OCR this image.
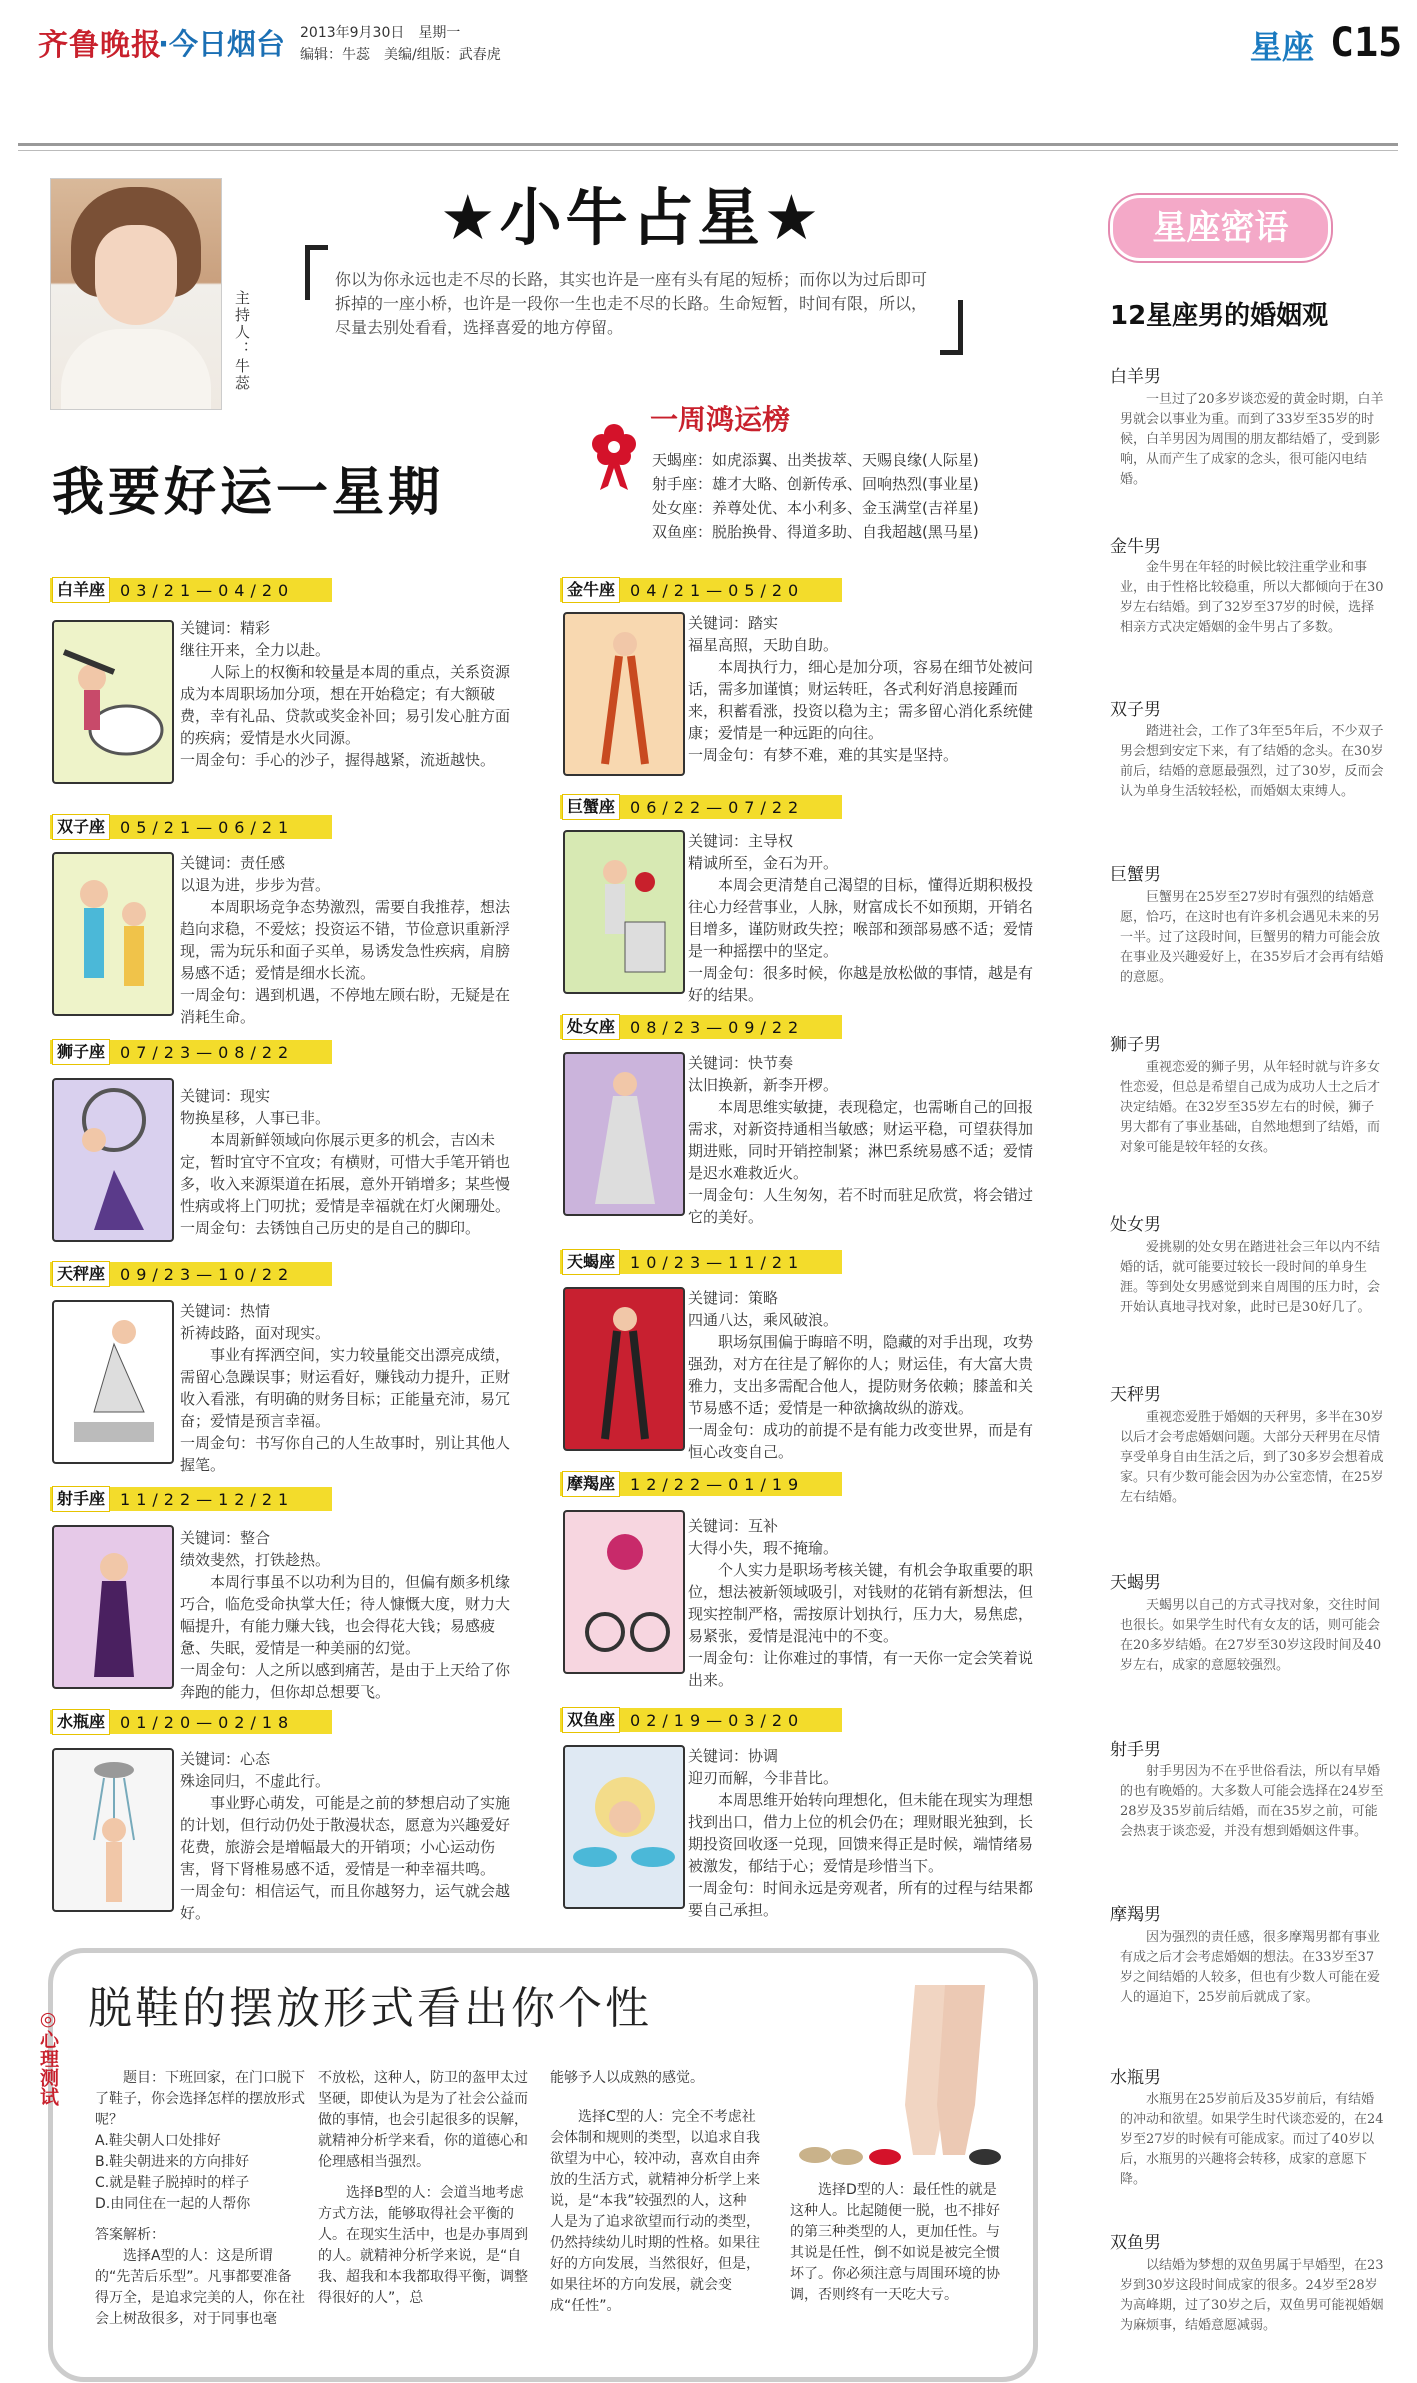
齐鲁晚报
·今日烟台 2013年9月30日　星期一
编辑：牛蕊　美编/组版：武春虎	星座 C15
主持人：牛蕊
★小牛占星★
你以为你永远也走不尽的长路，其实也许是一座有头有尾的短桥；而你以为过后即可拆掉的一座小桥，也许是一段你一生也走不尽的长路。生命短暂，时间有限，所以，尽量去别处看看，选择喜爱的地方停留。
一周鸿运榜
天蝎座：如虎添翼、出类拔萃、天赐良缘(人际星)
射手座：雄才大略、创新传承、回响热烈(事业星)
处女座：养尊处优、本小利多、金玉满堂(吉祥星)
双鱼座：脱胎换骨、得道多助、自我超越(黑马星)
我要好运一星期
白羊座 03/21—04/20
关键词：精彩
继往开来，全力以赴。
人际上的权衡和较量是本周的重点，关系资源成为本周职场加分项，想在开始稳定；有大额破费，幸有礼品、贷款或奖金补回；易引发心脏方面的疾病；爱情是水火同源。
一周金句：手心的沙子，握得越紧，流逝越快。
双子座 05/21—06/21
关键词：责任感
以退为进，步步为营。
本周职场竞争态势激烈，需要自我推荐，想法趋向求稳，不爱炫；投资运不错，节俭意识重新浮现，需为玩乐和面子买单，易诱发急性疾病，肩膀易感不适；爱情是细水长流。
一周金句：遇到机遇，不停地左顾右盼，无疑是在消耗生命。
狮子座 07/23—08/22
关键词：现实
物换星移，人事已非。
本周新鲜领域向你展示更多的机会，吉凶未定，暂时宜守不宜攻；有横财，可惜大手笔开销也多，收入来源渠道在拓展，意外开销增多；某些慢性病或将上门叨扰；爱情是幸福就在灯火阑珊处。
一周金句：去锈蚀自己历史的是自己的脚印。
天秤座 09/23—10/22
关键词：热情
祈祷歧路，面对现实。
事业有挥洒空间，实力较量能交出漂亮成绩，需留心急躁误事；财运看好，赚钱动力提升，正财收入看涨，有明确的财务目标；正能量充沛，易冗奋；爱情是预言幸福。
一周金句：书写你自己的人生故事时，别让其他人握笔。
射手座 11/22—12/21
关键词：整合
绩效斐然，打铁趁热。
本周行事虽不以功利为目的，但偏有颇多机缘巧合，临危受命执掌大任；待人慷慨大度，财力大幅提升，有能力赚大钱，也会得花大钱；易感疲惫、失眠，爱情是一种美丽的幻觉。
一周金句：人之所以感到痛苦，是由于上天给了你奔跑的能力，但你却总想要飞。
水瓶座 01/20—02/18
关键词：心态
殊途同归，不虚此行。
事业野心萌发，可能是之前的梦想启动了实施的计划，但行动仍处于散漫状态，愿意为兴趣爱好花费，旅游会是增幅最大的开销项；小心运动伤害，肾下肾椎易感不适，爱情是一种幸福共鸣。
一周金句：相信运气，而且你越努力，运气就会越好。
金牛座 04/21—05/20
关键词：踏实
福星高照，天助自助。
本周执行力，细心是加分项，容易在细节处被问话，需多加谨慎；财运转旺，各式利好消息接踵而来，积蓄看涨，投资以稳为主；需多留心消化系统健康；爱情是一种远距的向往。
一周金句：有梦不难，难的其实是坚持。
巨蟹座 06/22—07/22
关键词：主导权
精诚所至，金石为开。
本周会更清楚自己渴望的目标，懂得近期积极投往心力经营事业，人脉，财富成长不如预期，开销名目增多，谨防财政失控；喉部和颈部易感不适；爱情是一种摇摆中的坚定。
一周金句：很多时候，你越是放松做的事情，越是有好的结果。
处女座 08/23—09/22
关键词：快节奏
汰旧换新，新李开椤。
本周思维实敏捷，表现稳定，也需晰自己的回报需求，对新资持通相当敏感；财运平稳，可望获得加期进账，同时开销控制紧；淋巴系统易感不适；爱情是迟水难救近火。
一周金句：人生匆匆，若不时而驻足欣赏，将会错过它的美好。
天蝎座 10/23—11/21
关键词：策略
四通八达，乘风破浪。
职场氛围偏于晦暗不明，隐藏的对手出现，攻势强劲，对方在往是了解你的人；财运佳，有大富大贵雅力，支出多需配合他人，提防财务依赖；膝盖和关节易感不适；爱情是一种欲擒故纵的游戏。
一周金句：成功的前提不是有能力改变世界，而是有恒心改变自己。
摩羯座 12/22—01/19
关键词：互补
大得小失，瑕不掩瑜。
个人实力是职场考核关键，有机会争取重要的职位，想法被新领域吸引，对钱财的花销有新想法，但现实控制严格，需按原计划执行，压力大，易焦虑，易紧张，爱情是混沌中的不变。
一周金句：让你难过的事情，有一天你一定会笑着说出来。
双鱼座 02/19—03/20
关键词：协调
迎刃而解，今非昔比。
本周思维开始转向理想化，但未能在现实为理想找到出口，借力上位的机会仍在；理财眼光独到，长期投资回收逐一兑现，回馈来得正是时候，端情绪易被激发，郁结于心；爱情是珍惜当下。
一周金句：时间永远是旁观者，所有的过程与结果都要自己承担。
星座密语
12星座男的婚姻观
白羊男
一旦过了20多岁谈恋爱的黄金时期，白羊男就会以事业为重。而到了33岁至35岁的时候，白羊男因为周围的朋友都结婚了，受到影响，从而产生了成家的念头，很可能闪电结婚。
金牛男
金牛男在年轻的时候比较注重学业和事业，由于性格比较稳重，所以大都倾向于在30岁左右结婚。到了32岁至37岁的时候，选择相亲方式决定婚姻的金牛男占了多数。
双子男
踏进社会，工作了3年至5年后，不少双子男会想到安定下来，有了结婚的念头。在30岁前后，结婚的意愿最强烈，过了30岁，反而会认为单身生活较轻松，而婚姻太束缚人。
巨蟹男
巨蟹男在25岁至27岁时有强烈的结婚意愿，恰巧，在这时也有许多机会遇见未来的另一半。过了这段时间，巨蟹男的精力可能会放在事业及兴趣爱好上，在35岁后才会再有结婚的意愿。
狮子男
重视恋爱的狮子男，从年轻时就与许多女性恋爱，但总是希望自己成为成功人士之后才决定结婚。在32岁至35岁左右的时候，狮子男大都有了事业基础，自然地想到了结婚，而对象可能是较年轻的女孩。
处女男
爱挑剔的处女男在踏进社会三年以内不结婚的话，就可能要过较长一段时间的单身生涯。等到处女男感觉到来自周围的压力时，会开始认真地寻找对象，此时已是30好几了。
天秤男
重视恋爱胜于婚姻的天秤男，多半在30岁以后才会考虑婚姻问题。大部分天秤男在尽情享受单身自由生活之后，到了30多岁会想着成家。只有少数可能会因为办公室恋情，在25岁左右结婚。
天蝎男
天蝎男以自己的方式寻找对象，交往时间也很长。如果学生时代有女友的话，则可能会在20多岁结婚。在27岁至30岁这段时间及40岁左右，成家的意愿较强烈。
射手男
射手男因为不在乎世俗看法，所以有早婚的也有晚婚的。大多数人可能会选择在24岁至28岁及35岁前后结婚，而在35岁之前，可能会热衷于谈恋爱，并没有想到婚姻这件事。
摩羯男
因为强烈的责任感，很多摩羯男都有事业有成之后才会考虑婚姻的想法。在33岁至37岁之间结婚的人较多，但也有少数人可能在爱人的逼迫下，25岁前后就成了家。
水瓶男
水瓶男在25岁前后及35岁前后，有结婚的冲动和欲望。如果学生时代谈恋爱的，在24岁至27岁的时候有可能成家。而过了40岁以后，水瓶男的兴趣将会转移，成家的意愿下降。
双鱼男
以结婚为梦想的双鱼男属于早婚型，在23岁到30岁这段时间成家的很多。24岁至28岁为高峰期，过了30岁之后，双鱼男可能视婚姻为麻烦事，结婚意愿减弱。
◎心理测试 脱鞋的摆放形式看出你个性

题目：下班回家，在门口脱下了鞋子，你会选择怎样的摆放形式呢？

A.鞋尖朝人口处排好

B.鞋尖朝进来的方向排好

C.就是鞋子脱掉时的样子

D.由同住在一起的人帮你

答案解析：

选择A型的人：这是所谓的“先苦后乐型”。凡事都要准备得万全，是追求完美的人，你在社会上树敌很多，对于同事也毫

不放松，这种人，防卫的盔甲太过坚硬，即使认为是为了社会公益而做的事情，也会引起很多的误解，就精神分析学来看，你的道德心和伦理感相当强烈。

选择B型的人：会道当地考虑方式方法，能够取得社会平衡的人。在现实生活中，也是办事周到的人。就精神分析学来说，是“自我、超我和本我都取得平衡，调整得很好的人”，总

能够予人以成熟的感觉。

选择C型的人：完全不考虑社会体制和规则的类型，以追求自我欲望为中心，较冲动，喜欢自由奔放的生活方式，就精神分析学上来说，是“本我”较强烈的人，这种人是为了追求欲望而行动的类型，仍然持续幼儿时期的性格。如果往好的方向发展，当然很好，但是，如果往坏的方向发展，就会变成“任性”。

选择D型的人：最任性的就是这种人。比起随便一脱，也不排好的第三种类型的人，更加任性。与其说是任性，倒不如说是被完全惯坏了。你必须注意与周围环境的协调，否则终有一天吃大亏。
